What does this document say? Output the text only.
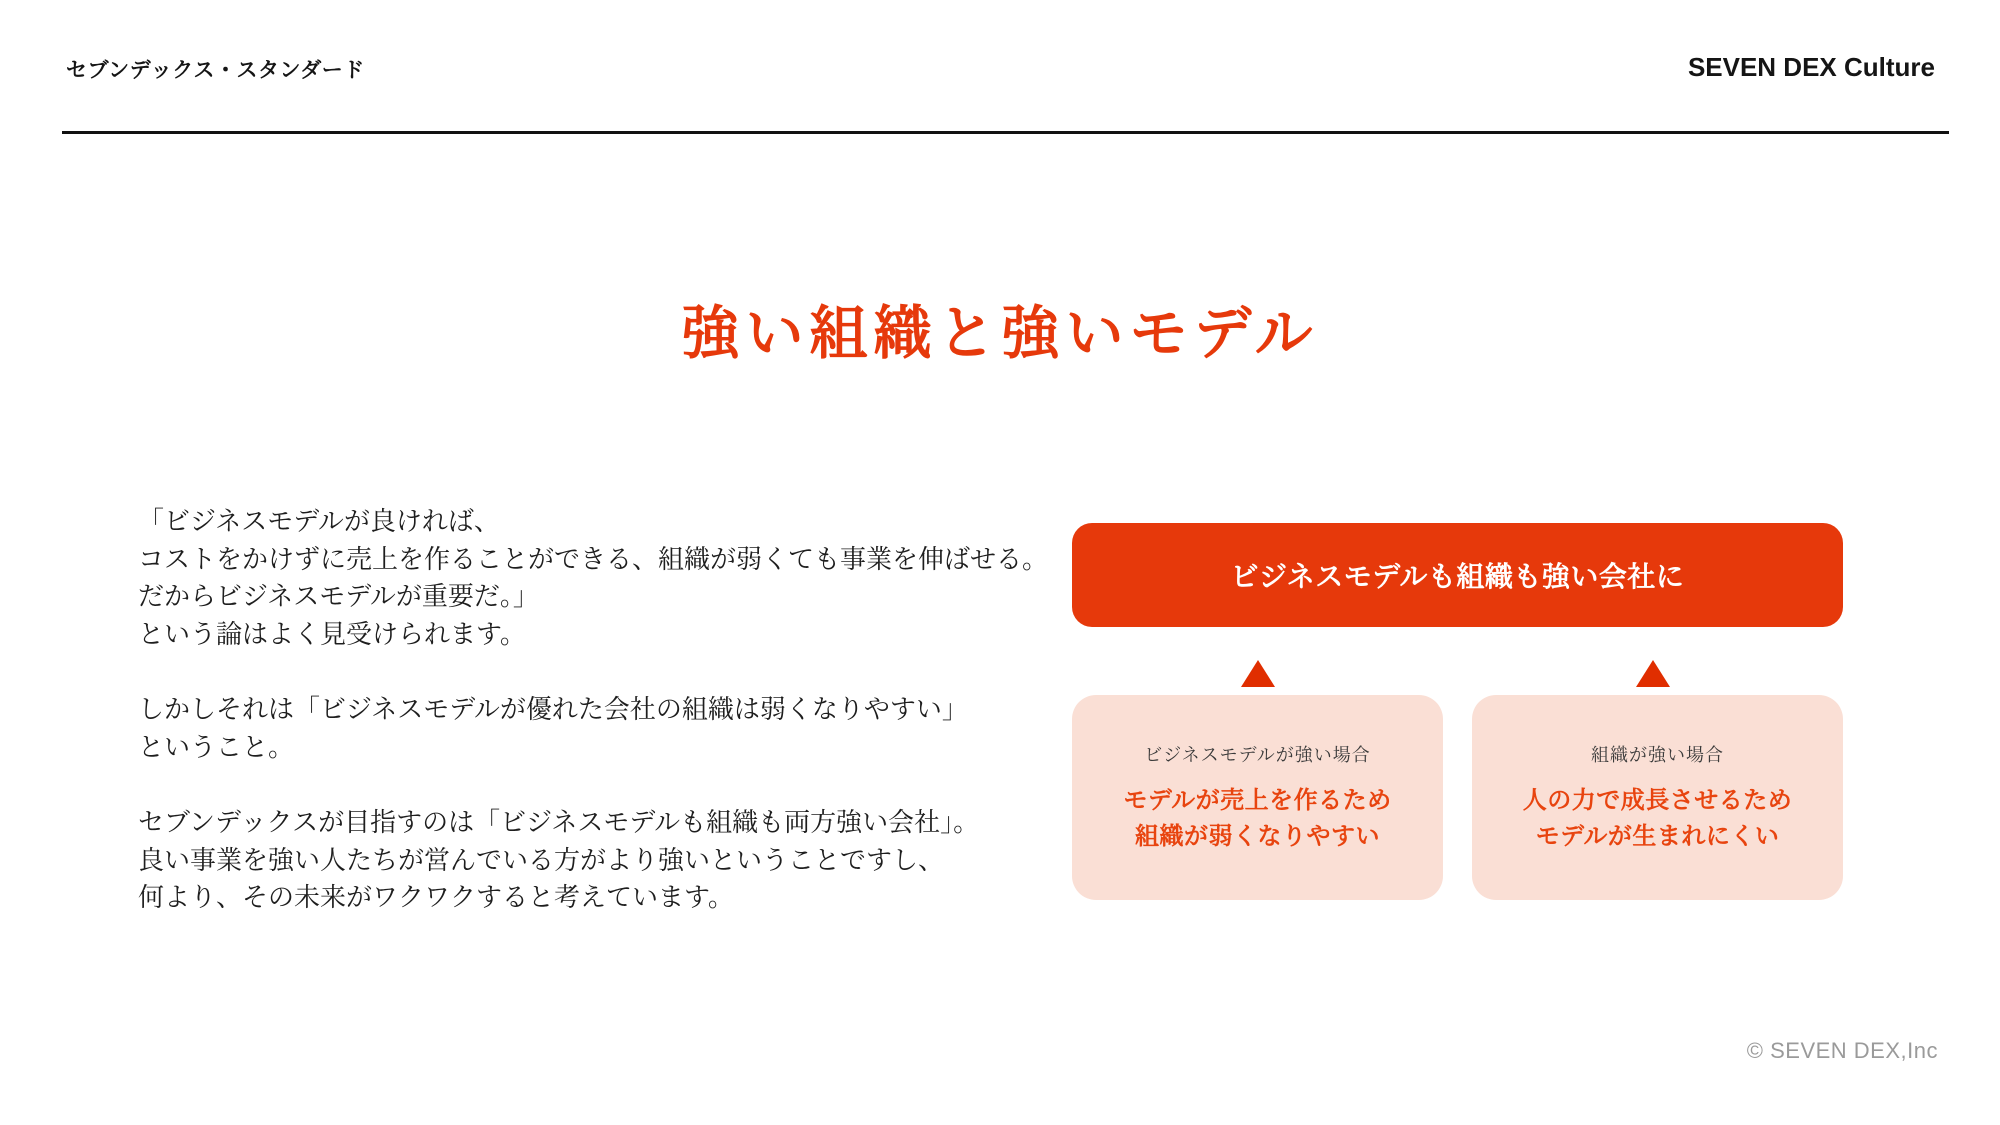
セブンデックス・スタンダード	SEVEN DEX Culture
強い組織と強いモデル
「ビジネスモデルが良ければ、
コストをかけずに売上を作ることができる、組織が弱くても事業を伸ばせる。
だからビジネスモデルが重要だ。」
という論はよく見受けられます。
しかしそれは「ビジネスモデルが優れた会社の組織は弱くなりやすい」
ということ。
セブンデックスが目指すのは「ビジネスモデルも組織も両方強い会社」。
良い事業を強い人たちが営んでいる方がより強いということですし、
何より、その未来がワクワクすると考えています。
ビジネスモデルも組織も強い会社に
ビジネスモデルが強い場合
モデルが売上を作るため
組織が弱くなりやすい
組織が強い場合
人の力で成長させるため
モデルが生まれにくい
© SEVEN DEX,Inc
